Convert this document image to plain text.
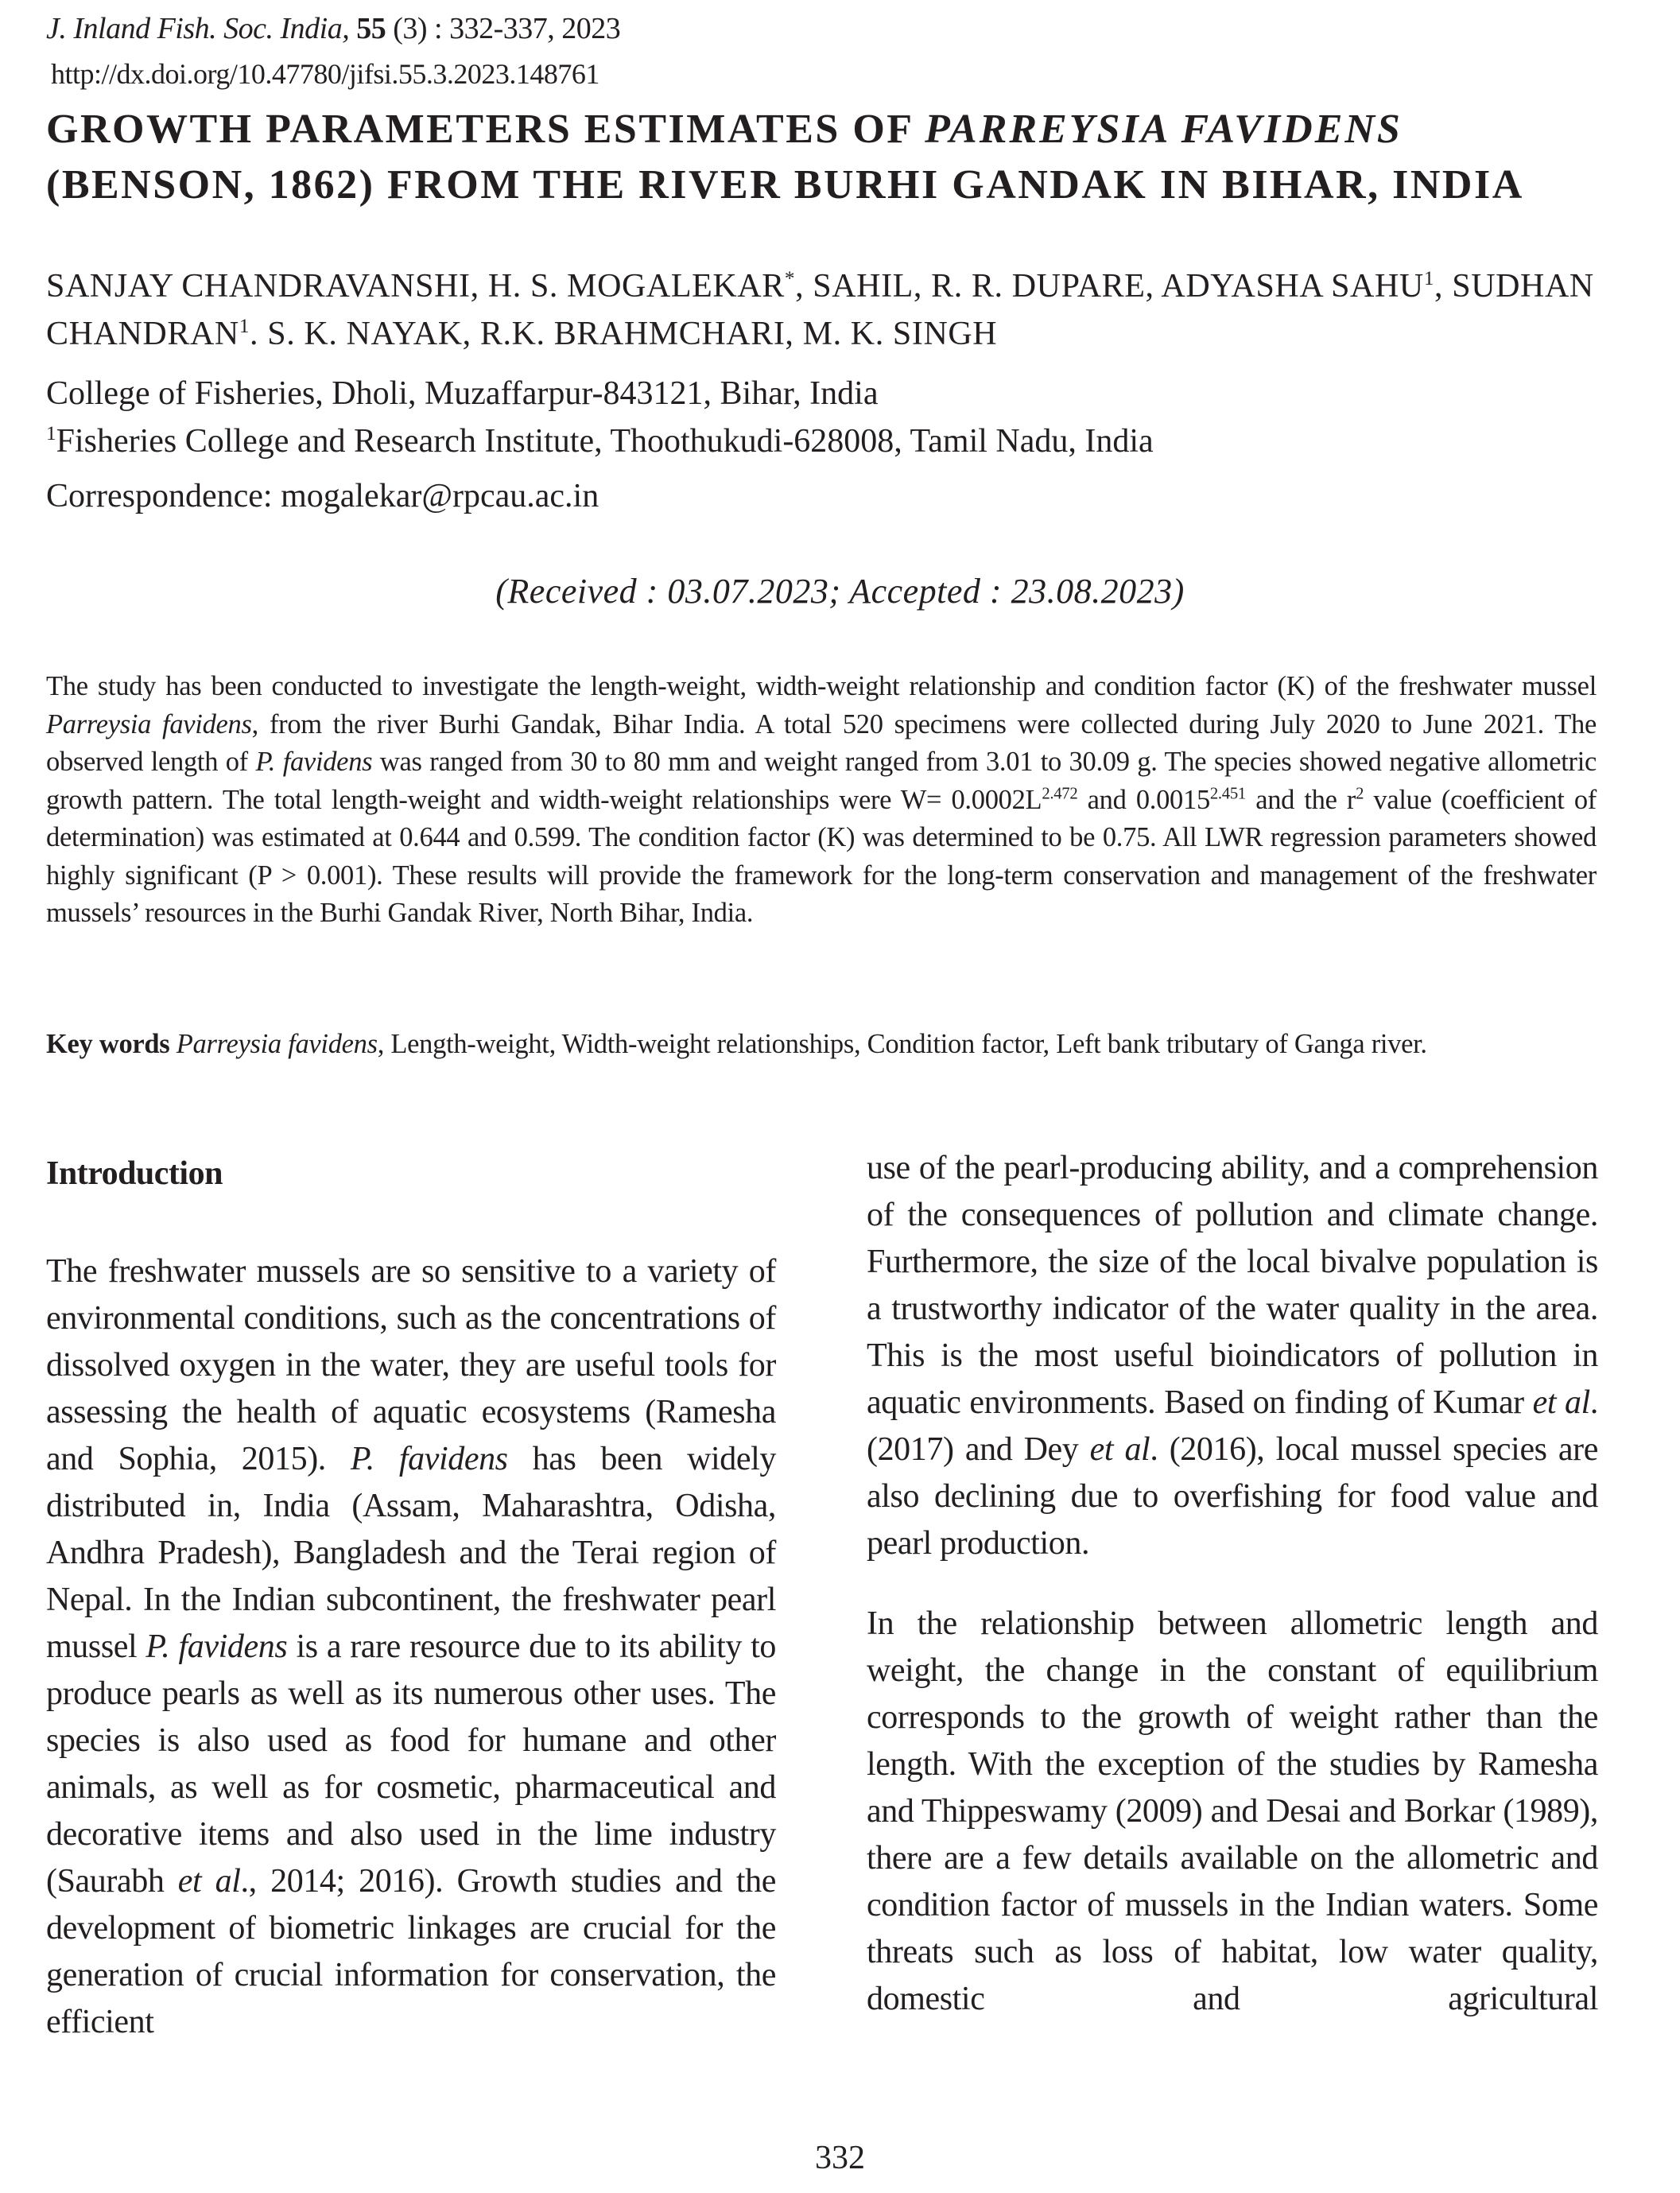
J. Inland Fish. Soc. India, 55 (3) : 332-337, 2023
http://dx.doi.org/10.47780/jifsi.55.3.2023.148761
GROWTH PARAMETERS ESTIMATES OF PARREYSIA FAVIDENS
(BENSON, 1862) FROM THE RIVER BURHI GANDAK IN BIHAR, INDIA
SANJAY CHANDRAVANSHI, H. S. MOGALEKAR*, SAHIL, R. R. DUPARE, ADYASHA SAHU$^1$, SUDHAN CHANDRAN$^1$. S. K. NAYAK, R.K. BRAHMCHARI, M. K. SINGH
College of Fisheries, Dholi, Muzaffarpur-843121, Bihar, India
$^1$Fisheries College and Research Institute, Thoothukudi-628008, Tamil Nadu, India
Correspondence: mogalekar@rpcau.ac.in
(Received : 03.07.2023; Accepted : 23.08.2023)
The study has been conducted to investigate the length-weight, width-weight relationship and condition factor (K) of the freshwater mussel Parreysia favidens, from the river Burhi Gandak, Bihar India. A total 520 specimens were collected during July 2020 to June 2021. The observed length of P. favidens was ranged from 30 to 80 mm and weight ranged from 3.01 to 30.09 g. The species showed negative allometric growth pattern. The total length-weight and width-weight relationships were $W= 0.0002L^{2.472}$ and $0.0015^{2.451}$ and the $r^2$ value (coefficient of determination) was estimated at 0.644 and 0.599. The condition factor (K) was determined to be 0.75. All LWR regression parameters showed highly significant (P > 0.001). These results will provide the framework for the long-term conservation and management of the freshwater mussels’ resources in the Burhi Gandak River, North Bihar, India.
Key words Parreysia favidens, Length-weight, Width-weight relationships, Condition factor, Left bank tributary of Ganga river.
Introduction

The freshwater mussels are so sensitive to a variety of environmental conditions, such as the concentrations of dissolved oxygen in the water, they are useful tools for assessing the health of aquatic ecosystems (Ramesha and Sophia, 2015). P. favidens has been widely distributed in, India (Assam, Maharashtra, Odisha, Andhra Pradesh), Bangladesh and the Terai region of Nepal. In the Indian subcontinent, the freshwater pearl mussel P. favidens is a rare resource due to its ability to produce pearls as well as its numerous other uses. The species is also used as food for humane and other animals, as well as for cosmetic, pharmaceutical and decorative items and also used in the lime industry (Saurabh et al., 2014; 2016). Growth studies and the development of biometric linkages are crucial for the generation of crucial information for conservation, the efficient

use of the pearl-producing ability, and a comprehension of the consequences of pollution and climate change. Furthermore, the size of the local bivalve population is a trustworthy indicator of the water quality in the area. This is the most useful bioindicators of pollution in aquatic environments. Based on finding of Kumar et al. (2017) and Dey et al. (2016), local mussel species are also declining due to overfishing for food value and pearl production.

In the relationship between allometric length and weight, the change in the constant of equilibrium corresponds to the growth of weight rather than the length. With the exception of the studies by Ramesha and Thippeswamy (2009) and Desai and Borkar (1989), there are a few details available on the allometric and condition factor of mussels in the Indian waters. Some threats such as loss of habitat, low water quality, domestic and agricultural

332
